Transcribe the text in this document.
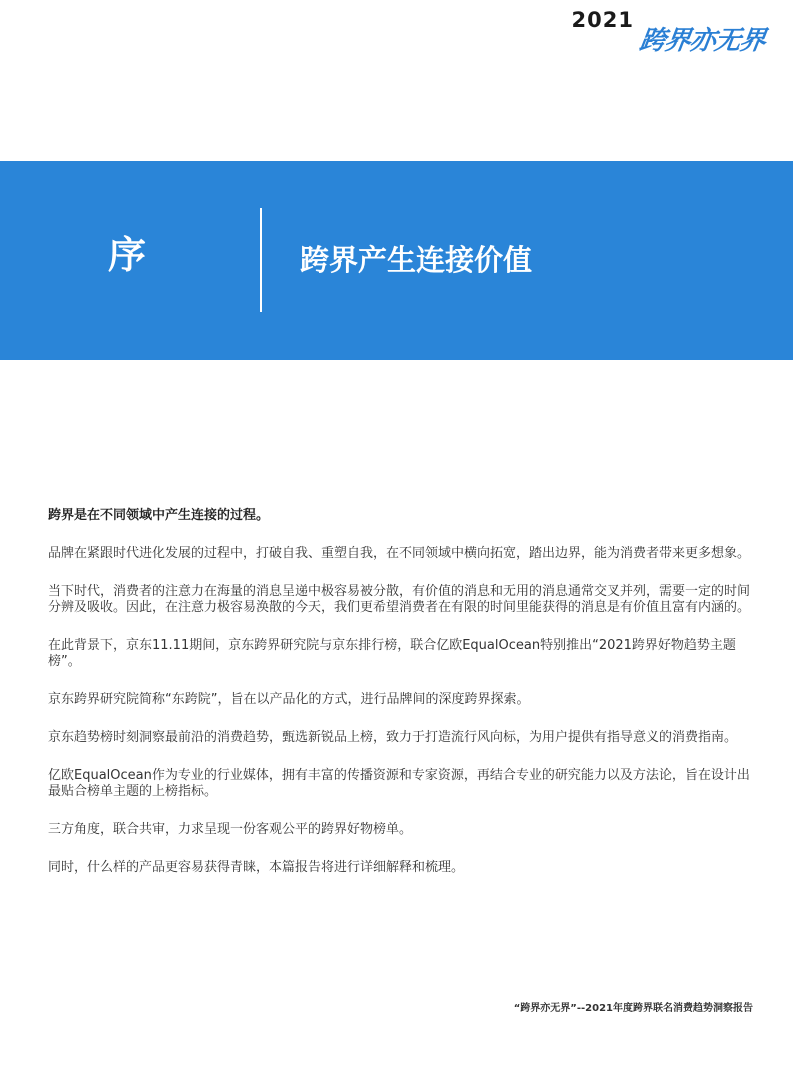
2021
跨界亦无界
序	跨界产生连接价值

跨界是在不同领域中产生连接的过程。

品牌在紧跟时代进化发展的过程中，打破自我、重塑自我，在不同领域中横向拓宽，踏出边界，能为消费者带来更多想象。

当下时代，消费者的注意力在海量的消息呈递中极容易被分散，有价值的消息和无用的消息通常交叉并列，需要一定的时间分辨及吸收。因此，在注意力极容易涣散的今天，我们更希望消费者在有限的时间里能获得的消息是有价值且富有内涵的。

在此背景下，京东11.11期间，京东跨界研究院与京东排行榜，联合亿欧EqualOcean特别推出“2021跨界好物趋势主题榜”。

京东跨界研究院简称“东跨院”，旨在以产品化的方式，进行品牌间的深度跨界探索。

京东趋势榜时刻洞察最前沿的消费趋势，甄选新锐品上榜，致力于打造流行风向标，为用户提供有指导意义的消费指南。

亿欧EqualOcean作为专业的行业媒体，拥有丰富的传播资源和专家资源，再结合专业的研究能力以及方法论，旨在设计出最贴合榜单主题的上榜指标。

三方角度，联合共审，力求呈现一份客观公平的跨界好物榜单。

同时，什么样的产品更容易获得青睐，本篇报告将进行详细解释和梳理。

“跨界亦无界”--2021年度跨界联名消费趋势洞察报告
